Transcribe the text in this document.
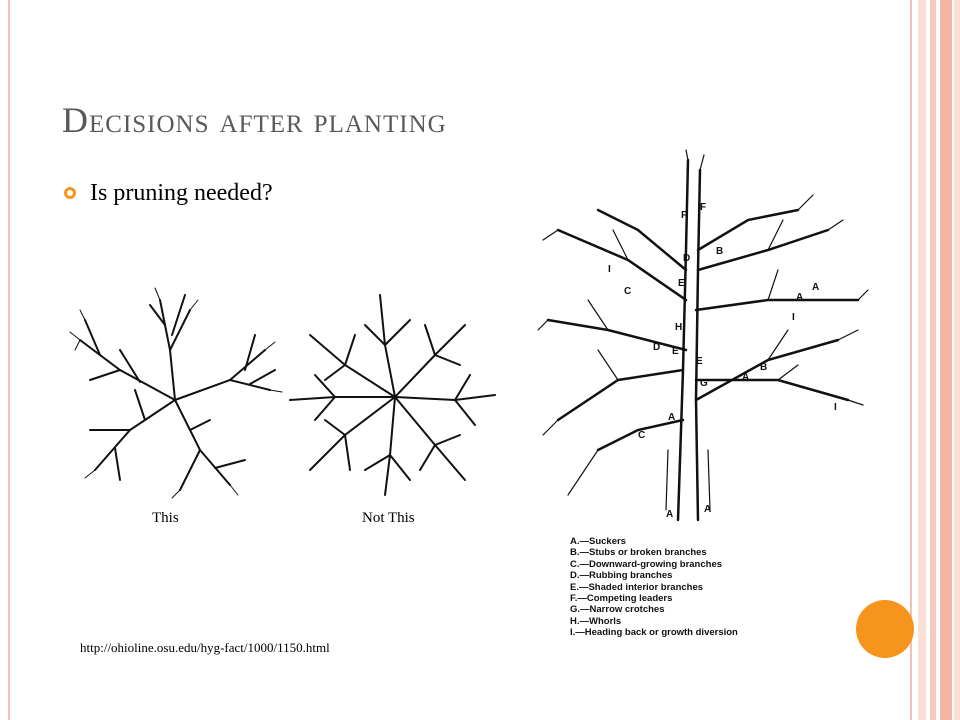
Decisions after planting
Is pruning needed?
This	Not This	A	A
A
A
A
A
B
B
C
C
D
D
E
E
E
F
F
G
H
I
I
I
A.—Suckers
B.—Stubs or broken branches
C.—Downward-growing branches
D.—Rubbing branches
E.—Shaded interior branches
F.—Competing leaders
G.—Narrow crotches
H.—Whorls
I.—Heading back or growth diversion
http://ohioline.osu.edu/hyg-fact/1000/1150.html
